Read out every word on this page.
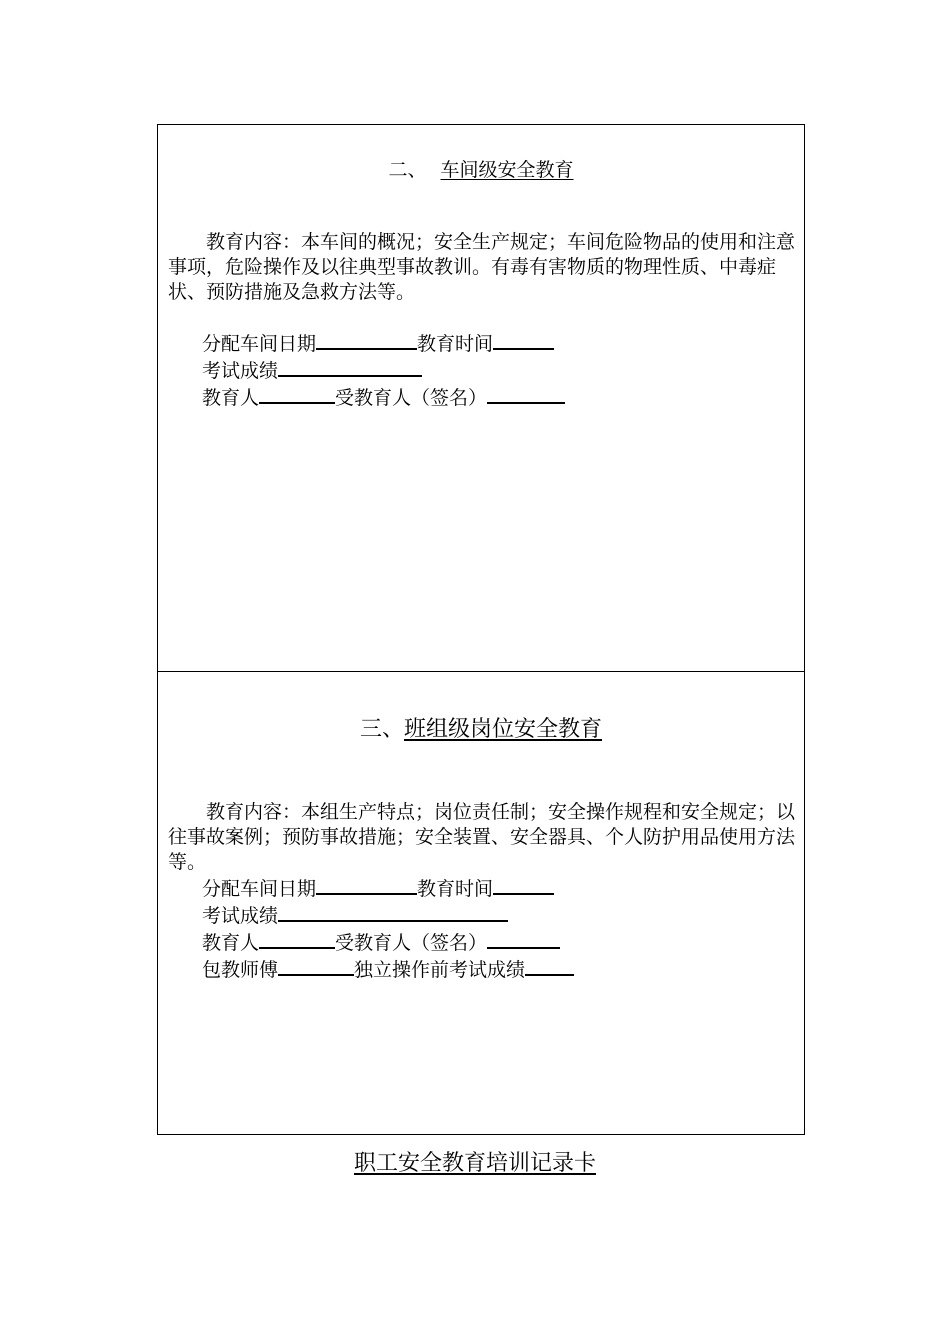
二、 车间级安全教育

教育内容：本车间的概况；安全生产规定；车间危险物品的使用和注意事项，危险操作及以往典型事故教训。有毒有害物质的物理性质、中毒症状、预防措施及急救方法等。

分配车间日期	教育时间
考试成绩
教育人	受教育人（签名）
三、班组级岗位安全教育

教育内容：本组生产特点；岗位责任制；安全操作规程和安全规定；以往事故案例；预防事故措施；安全装置、安全器具、个人防护用品使用方法等。

分配车间日期	教育时间
考试成绩
教育人	受教育人（签名）
包教师傅	独立操作前考试成绩
职工安全教育培训记录卡
